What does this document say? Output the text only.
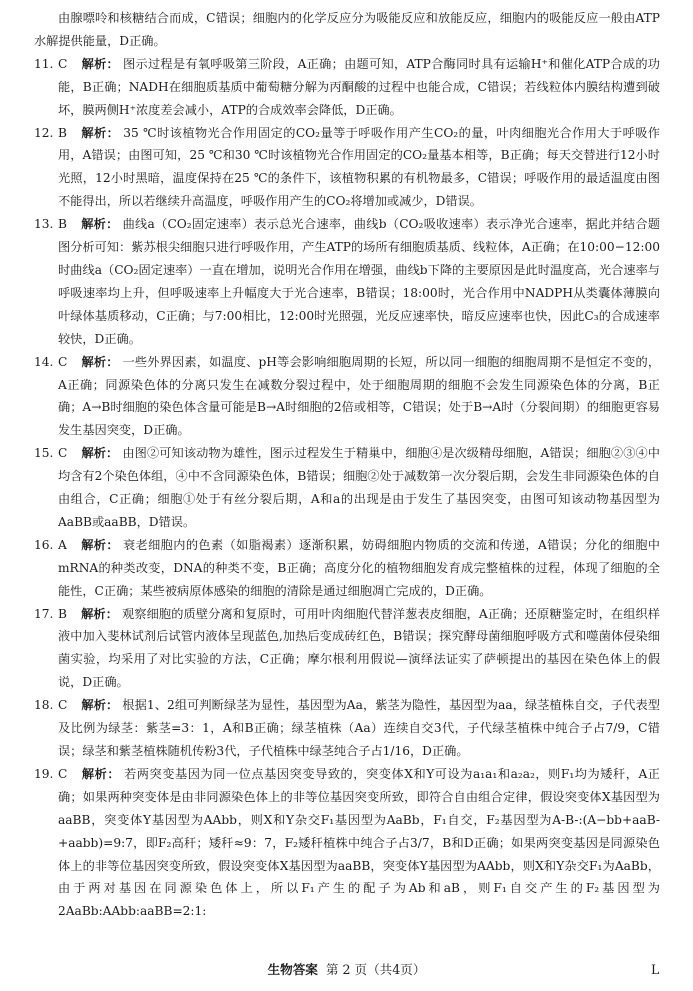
由腺嘌呤和核糖结合而成，C错误；细胞内的化学反应分为吸能反应和放能反应，细胞内的吸能反应一般由ATP水解提供能量，D正确。

11. C 解析： 图示过程是有氧呼吸第三阶段，A正确；由题可知，ATP合酶同时具有运输H⁺和催化ATP合成的功能，B正确；NADH在细胞质基质中葡萄糖分解为丙酮酸的过程中也能合成，C错误；若线粒体内膜结构遭到破坏，膜两侧H⁺浓度差会减小，ATP的合成效率会降低，D正确。
12. B 解析： 35 ℃时该植物光合作用固定的CO₂量等于呼吸作用产生CO₂的量，叶肉细胞光合作用大于呼吸作用，A错误；由图可知，25 ℃和30 ℃时该植物光合作用固定的CO₂量基本相等，B正确；每天交替进行12小时光照，12小时黑暗，温度保持在25 ℃的条件下，该植物积累的有机物最多，C错误；呼吸作用的最适温度由图不能得出，所以若继续升高温度，呼吸作用产生的CO₂将增加或减少，D错误。
13. B 解析： 曲线a（CO₂固定速率）表示总光合速率，曲线b（CO₂吸收速率）表示净光合速率，据此并结合题图分析可知：紫苏根尖细胞只进行呼吸作用，产生ATP的场所有细胞质基质、线粒体，A正确；在10:00−12:00时曲线a（CO₂固定速率）一直在增加，说明光合作用在增强，曲线b下降的主要原因是此时温度高，光合速率与呼吸速率均上升，但呼吸速率上升幅度大于光合速率，B错误；18:00时，光合作用中NADPH从类囊体薄膜向叶绿体基质移动，C正确；与7:00相比，12:00时光照强，光反应速率快，暗反应速率也快，因此C₃的合成速率较快，D正确。
14. C 解析： 一些外界因素，如温度、pH等会影响细胞周期的长短，所以同一细胞的细胞周期不是恒定不变的，A正确；同源染色体的分离只发生在减数分裂过程中，处于细胞周期的细胞不会发生同源染色体的分离，B正确；A→B时细胞的染色体含量可能是B→A时细胞的2倍或相等，C错误；处于B→A时（分裂间期）的细胞更容易发生基因突变，D正确。
15. C 解析： 由图②可知该动物为雄性，图示过程发生于精巢中，细胞④是次级精母细胞，A错误；细胞②③④中均含有2个染色体组，④中不含同源染色体，B错误；细胞②处于减数第一次分裂后期，会发生非同源染色体的自由组合，C正确；细胞①处于有丝分裂后期，A和a的出现是由于发生了基因突变，由图可知该动物基因型为AaBB或aaBB，D错误。
16. A 解析： 衰老细胞内的色素（如脂褐素）逐渐积累，妨碍细胞内物质的交流和传递，A错误；分化的细胞中mRNA的种类改变，DNA的种类不变，B正确；高度分化的植物细胞发育成完整植株的过程，体现了细胞的全能性，C正确；某些被病原体感染的细胞的清除是通过细胞凋亡完成的，D正确。
17. B 解析： 观察细胞的质壁分离和复原时，可用叶肉细胞代替洋葱表皮细胞，A正确；还原糖鉴定时，在组织样液中加入斐林试剂后试管内液体呈现蓝色,加热后变成砖红色，B错误；探究酵母菌细胞呼吸方式和噬菌体侵染细菌实验，均采用了对比实验的方法，C正确；摩尔根利用假说—演绎法证实了萨顿提出的基因在染色体上的假说，D正确。
18. C 解析： 根据1、2组可判断绿茎为显性，基因型为Aa，紫茎为隐性，基因型为aa，绿茎植株自交，子代表型及比例为绿茎：紫茎=3：1，A和B正确；绿茎植株（Aa）连续自交3代，子代绿茎植株中纯合子占7/9，C错误；绿茎和紫茎植株随机传粉3代，子代植株中绿茎纯合子占1/16，D正确。
19. C 解析： 若两突变基因为同一位点基因突变导致的，突变体X和Y可设为a₁a₁和a₂a₂，则F₁均为矮秆，A正确；如果两种突变体是由非同源染色体上的非等位基因突变所致，即符合自由组合定律，假设突变体X基因型为aaBB，突变体Y基因型为AAbb，则X和Y杂交F₁基因型为AaBb，F₁自交，F₂基因型为A-B-:(A−bb+aaB-+aabb)=9:7，即F₂高秆；矮秆≈9：7，F₂矮秆植株中纯合子占3/7，B和D正确；如果两突变基因是同源染色体上的非等位基因突变所致，假设突变体X基因型为aaBB，突变体Y基因型为AAbb，则X和Y杂交F₁为AaBb，由于两对基因在同源染色体上，所以F₁产生的配子为Ab和aB，则F₁自交产生的F₂基因型为2AaBb:AAbb:aaBB=2:1:
生物答案 第 2 页（共4页）	L
